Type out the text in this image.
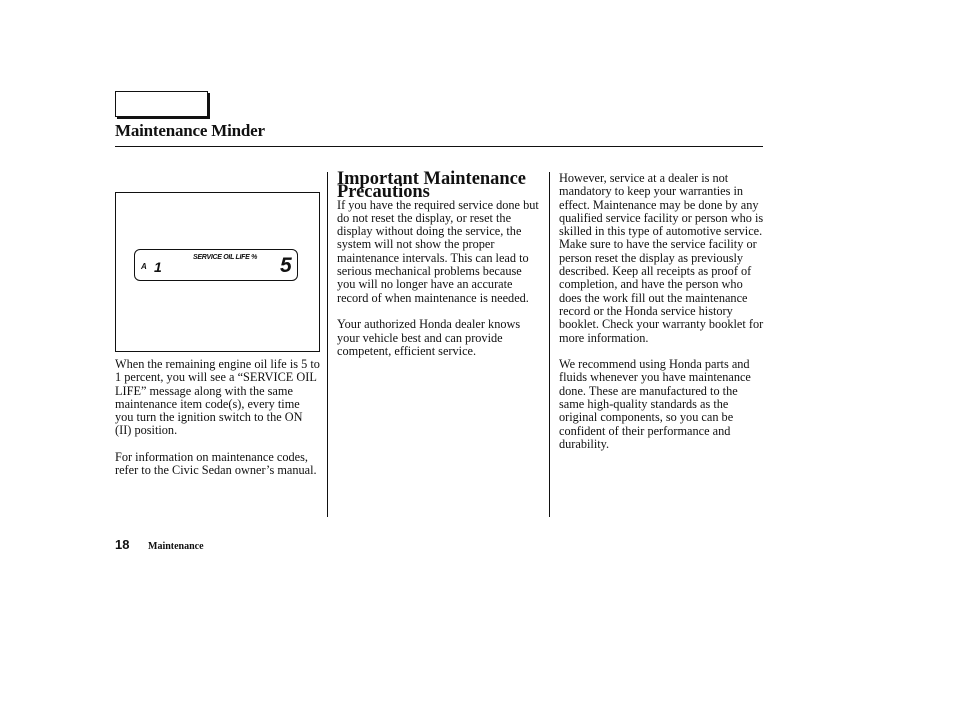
Maintenance Minder
SERVICE OIL LIFE %
A 1	5

When the remaining engine oil life is 5 to 1 percent, you will see a “SERVICE OIL LIFE” message along with the same maintenance item code(s), every time you turn the ignition switch to the ON (II) position.

For information on maintenance codes, refer to the Civic Sedan owner’s manual.

Important Maintenance Precautions

If you have the required service done but do not reset the display, or reset the display without doing the service, the system will not show the proper maintenance intervals. This can lead to serious mechanical problems because you will no longer have an accurate record of when maintenance is needed.

Your authorized Honda dealer knows your vehicle best and can provide competent, efficient service.

However, service at a dealer is not mandatory to keep your warranties in effect. Maintenance may be done by any qualified service facility or person who is skilled in this type of automotive service. Make sure to have the service facility or person reset the display as previously described. Keep all receipts as proof of completion, and have the person who does the work fill out the maintenance record or the Honda service history booklet. Check your warranty booklet for more information.

We recommend using Honda parts and fluids whenever you have maintenance done. These are manufactured to the same high-quality standards as the original components, so you can be confident of their performance and durability.

18 Maintenance
